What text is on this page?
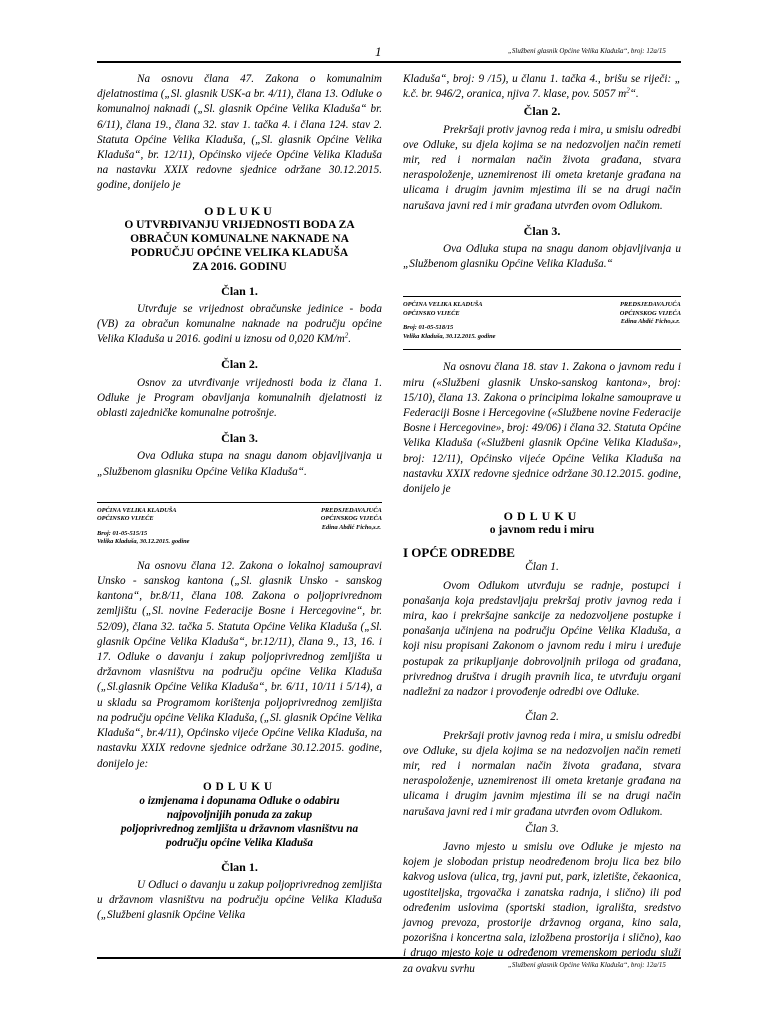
1	„Službeni glasnik Općine Velika Kladuša“, broj: 12a/15

Na osnovu člana 47. Zakona o komunalnim djelatnostima („Sl. glasnik USK-a br. 4/11), člana 13. Odluke o komunalnoj naknadi („Sl. glasnik Općine Velika Kladuša“ br. 6/11), člana 19., člana 32. stav 1. tačka 4. i člana 124. stav 2. Statuta Općine Velika Kladuša, („Sl. glasnik Općine Velika Kladuša“, br. 12/11), Općinsko vijeće Općine Velika Kladuša na nastavku XXIX redovne sjednice održane 30.12.2015. godine, donijelo je

ODLUKU
O UTVRĐIVANJU VRIJEDNOSTI BODA ZA
OBRAČUN KOMUNALNE NAKNADE NA
PODRUČJU OPĆINE VELIKA KLADUŠA
ZA 2016. GODINU
Član 1.

Utvrđuje se vrijednost obračunske jedinice - boda (VB) za obračun komunalne naknade na području općine Velika Kladuša u 2016. godini u iznosu od 0,020 $KM/m^2$.

Član 2.

Osnov za utvrđivanje vrijednosti boda iz člana 1. Odluke je Program obavljanja komunalnih djelatnosti iz oblasti zajedničke komunalne potrošnje.

Član 3.

Ova Odluka stupa na snagu danom objavljivanja u „Službenom glasniku Općine Velika Kladuša“.

OPĆINA VELIKA KLADUŠA
OPĆINSKO VIJEĆE
PREDSJEDAVAJUĆA
OPĆINSKOG VIJEĆA
Edina Abdić Ficho,s.r.
Broj: 01-05-515/15
Velika Kladuša, 30.12.2015. godine

Na osnovu člana 12. Zakona o lokalnoj samoupravi Unsko - sanskog kantona („Sl. glasnik Unsko - sanskog kantona“, br.8/11, člana 108. Zakona o poljoprivrednom zemljištu („Sl. novine Federacije Bosne i Hercegovine“, br. 52/09), člana 32. tačka 5. Statuta Općine Velika Kladuša („Sl. glasnik Općine Velika Kladuša“, br.12/11), člana 9., 13, 16. i 17. Odluke o davanju i zakup poljoprivrednog zemljišta u državnom vlasništvu na području općine Velika Kladuša („Sl.glasnik Općine Velika Kladuša“, br. 6/11, 10/11 i 5/14), a u skladu sa Programom korištenja poljoprivrednog zemljišta na području općine Velika Kladuša, („Sl. glasnik Općine Velika Kladuša“, br.4/11), Općinsko vijeće Općine Velika Kladuša, na nastavku XXIX redovne sjednice održane 30.12.2015. godine, donijelo je:

ODLUKU
o izmjenama i dopunama Odluke o odabiru
najpovoljnijih ponuda za zakup
poljoprivrednog zemljišta u državnom vlasništvu na
području općine Velika Kladuša
Član 1.

U Odluci o davanju u zakup poljoprivrednog zemljišta u državnom vlasništvu na području općine Velika Kladuša („Službeni glasnik Općine Velika

Kladuša“, broj: 9 /15), u članu 1. tačka 4., brišu se riječi: „ k.č. br. 946/2, oranica, njiva 7. klase, pov. 5057 $m^2“$.

Član 2.

Prekršaji protiv javnog reda i mira, u smislu odredbi ove Odluke, su djela kojima se na nedozvoljen način remeti mir, red i normalan način života građana, stvara neraspoloženje, uznemirenost ili ometa kretanje građana na ulicama i drugim javnim mjestima ili se na drugi način narušava javni red i mir građana utvrđen ovom Odlukom.

Član 3.

Ova Odluka stupa na snagu danom objavljivanja u „Službenom glasniku Općine Velika Kladuša.“

OPĆINA VELIKA KLADUŠA
OPĆINSKO VIJEĆE
PREDSJEDAVAJUĆA
OPĆINSKOG VIJEĆA
Edina Abdić Ficho,s.r.
Broj: 01-05-518/15
Velika Kladuša, 30.12.2015. godine

Na osnovu člana 18. stav 1. Zakona o javnom redu i miru («Službeni glasnik Unsko-sanskog kantona», broj: 15/10), člana 13. Zakona o principima lokalne samouprave u Federaciji Bosne i Hercegovine («Službene novine Federacije Bosne i Hercegovine», broj: 49/06) i člana 32. Statuta Općine Velika Kladuša («Službeni glasnik Općine Velika Kladuša», broj: 12/11), Općinsko vijeće Općine Velika Kladuša na nastavku XXIX redovne sjednice održane 30.12.2015. godine, donijelo je

ODLUKU
o javnom redu i miru
I OPĆE ODREDBE
Član 1.

Ovom Odlukom utvrđuju se radnje, postupci i ponašanja koja predstavljaju prekršaj protiv javnog reda i mira, kao i prekršajne sankcije za nedozvoljene postupke i ponašanja učinjena na području Općine Velika Kladuša, a koji nisu propisani Zakonom o javnom redu i miru i uređuje postupak za prikupljanje dobrovoljnih priloga od građana, privrednog društva i drugih pravnih lica, te utvrđuju organi nadležni za nadzor i provođenje odredbi ove Odluke.

Član 2.

Prekršaji protiv javnog reda i mira, u smislu odredbi ove Odluke, su djela kojima se na nedozvoljen način remeti mir, red i normalan način života građana, stvara neraspoloženje, uznemirenost ili ometa kretanje građana na ulicama i drugim javnim mjestima ili se na drugi način narušava javni red i mir građana utvrđen ovom Odlukom.

Član 3.

Javno mjesto u smislu ove Odluke je mjesto na kojem je slobodan pristup neodređenom broju lica bez bilo kakvog uslova (ulica, trg, javni put, park, izletište, čekaonica, ugostiteljska, trgovačka i zanatska radnja, i slično) ili pod određenim uslovima (sportski stadion, igrališta, sredstvo javnog prevoza, prostorije državnog organa, kino sala, pozorišna i koncertna sala, izložbena prostorija i slično), kao i drugo mjesto koje u određenom vremenskom periodu služi za ovakvu svrhu	„Službeni glasnik Općine Velika Kladuša“, broj: 12a/15
